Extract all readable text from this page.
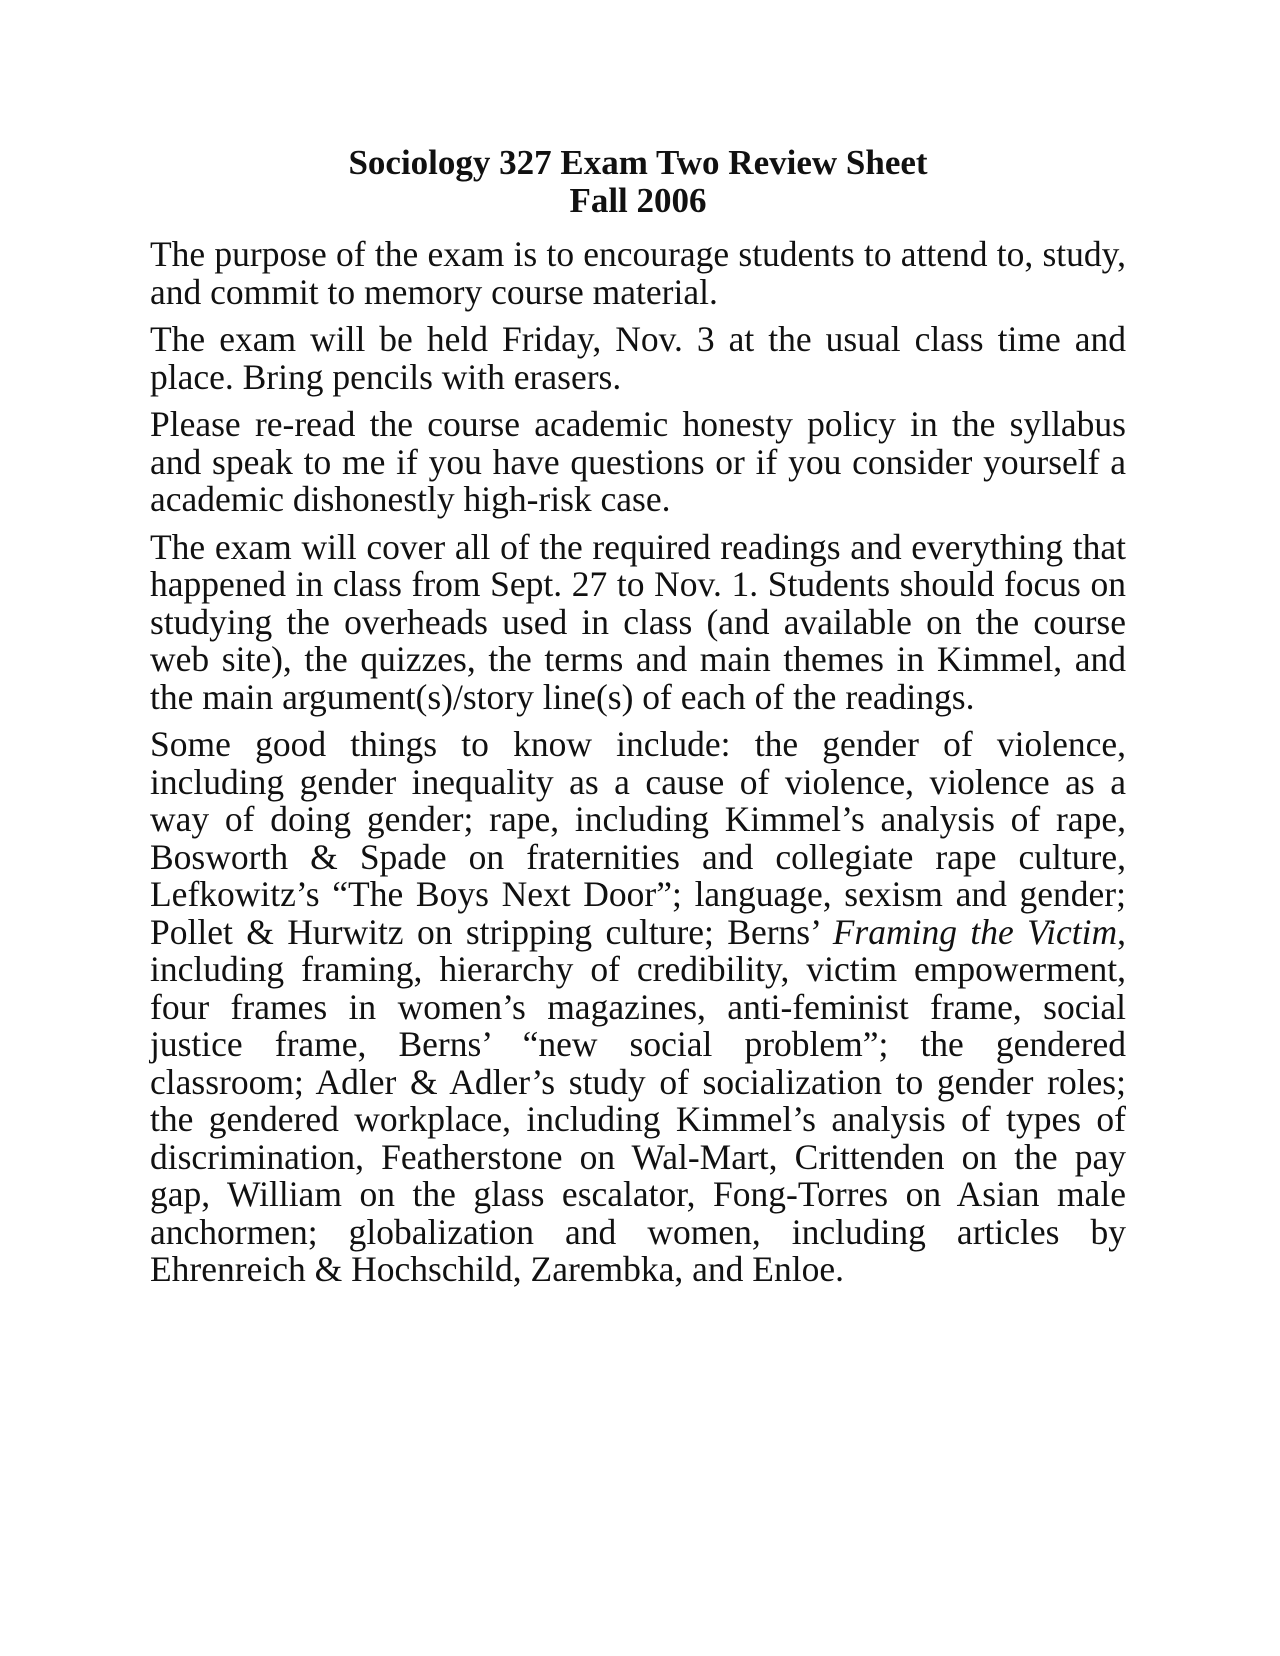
Sociology 327 Exam Two Review Sheet
Fall 2006

The purpose of the exam is to encourage students to attend to, study, and commit to memory course material.

The exam will be held Friday, Nov. 3 at the usual class time and place. Bring pencils with erasers.

Please re-read the course academic honesty policy in the syllabus and speak to me if you have questions or if you consider yourself a academic dishonestly high-risk case.

The exam will cover all of the required readings and everything that happened in class from Sept. 27 to Nov. 1. Students should focus on studying the overheads used in class (and available on the course web site), the quizzes, the terms and main themes in Kimmel, and the main argument(s)/story line(s) of each of the readings.

Some good things to know include: the gender of violence, including gender inequality as a cause of violence, violence as a way of doing gender; rape, including Kimmel’s analysis of rape, Bosworth & Spade on fraternities and collegiate rape culture, Lefkowitz’s “The Boys Next Door”; language, sexism and gender; Pollet & Hurwitz on stripping culture; Berns’ Framing the Victim, including framing, hierarchy of credibility, victim empowerment, four frames in women’s magazines, anti-feminist frame, social justice frame, Berns’ “new social problem”; the gendered classroom; Adler & Adler’s study of socialization to gender roles; the gendered workplace, including Kimmel’s analysis of types of discrimination, Featherstone on Wal-Mart, Crittenden on the pay gap, William on the glass escalator, Fong-Torres on Asian male anchormen; globalization and women, including articles by Ehrenreich & Hochschild, Zarembka, and Enloe.
